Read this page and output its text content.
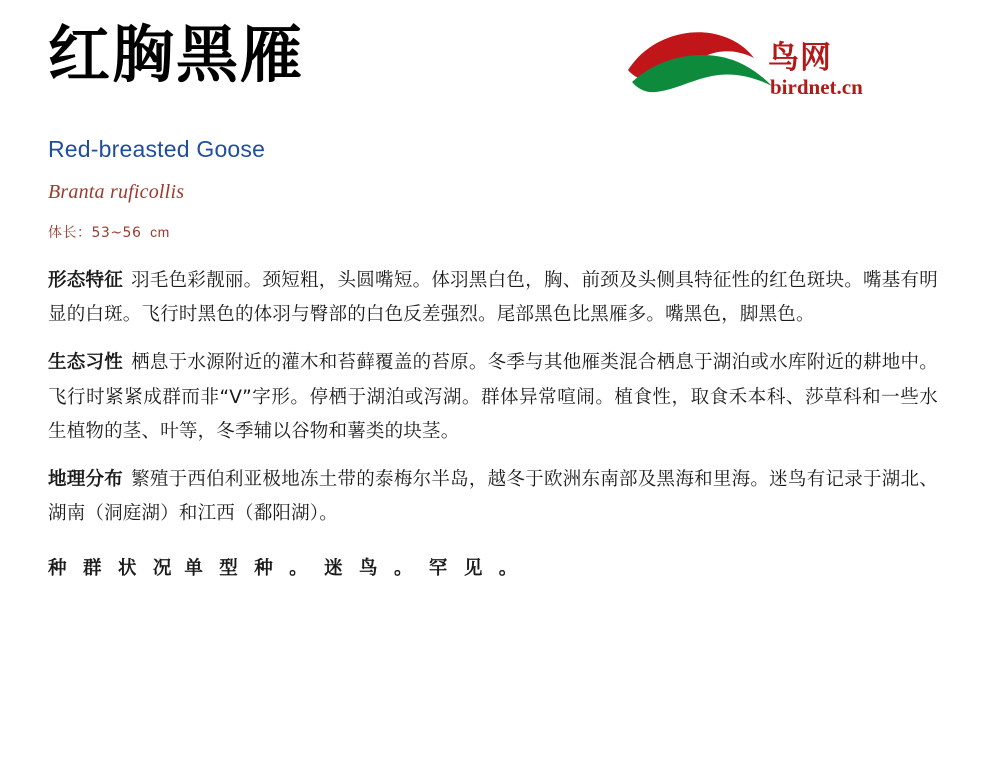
红胸黑雁	鸟网
birdnet.cn
Red-breasted Goose
Branta ruficollis
体长：53~56 cm

形态特征 羽毛色彩靓丽。颈短粗，头圆嘴短。体羽黑白色，胸、前颈及头侧具特征性的红色斑块。嘴基有明显的白斑。飞行时黑色的体羽与臀部的白色反差强烈。尾部黑色比黑雁多。嘴黑色，脚黑色。

生态习性 栖息于水源附近的灌木和苔藓覆盖的苔原。冬季与其他雁类混合栖息于湖泊或水库附近的耕地中。飞行时紧紧成群而非“V”字形。停栖于湖泊或泻湖。群体异常喧闹。植食性，取食禾本科、莎草科和一些水生植物的茎、叶等，冬季辅以谷物和薯类的块茎。

地理分布 繁殖于西伯利亚极地冻土带的泰梅尔半岛，越冬于欧洲东南部及黑海和里海。迷鸟有记录于湖北、湖南（洞庭湖）和江西（鄱阳湖）。

种 群 状 况 单 型 种 。 迷 鸟 。 罕 见 。
